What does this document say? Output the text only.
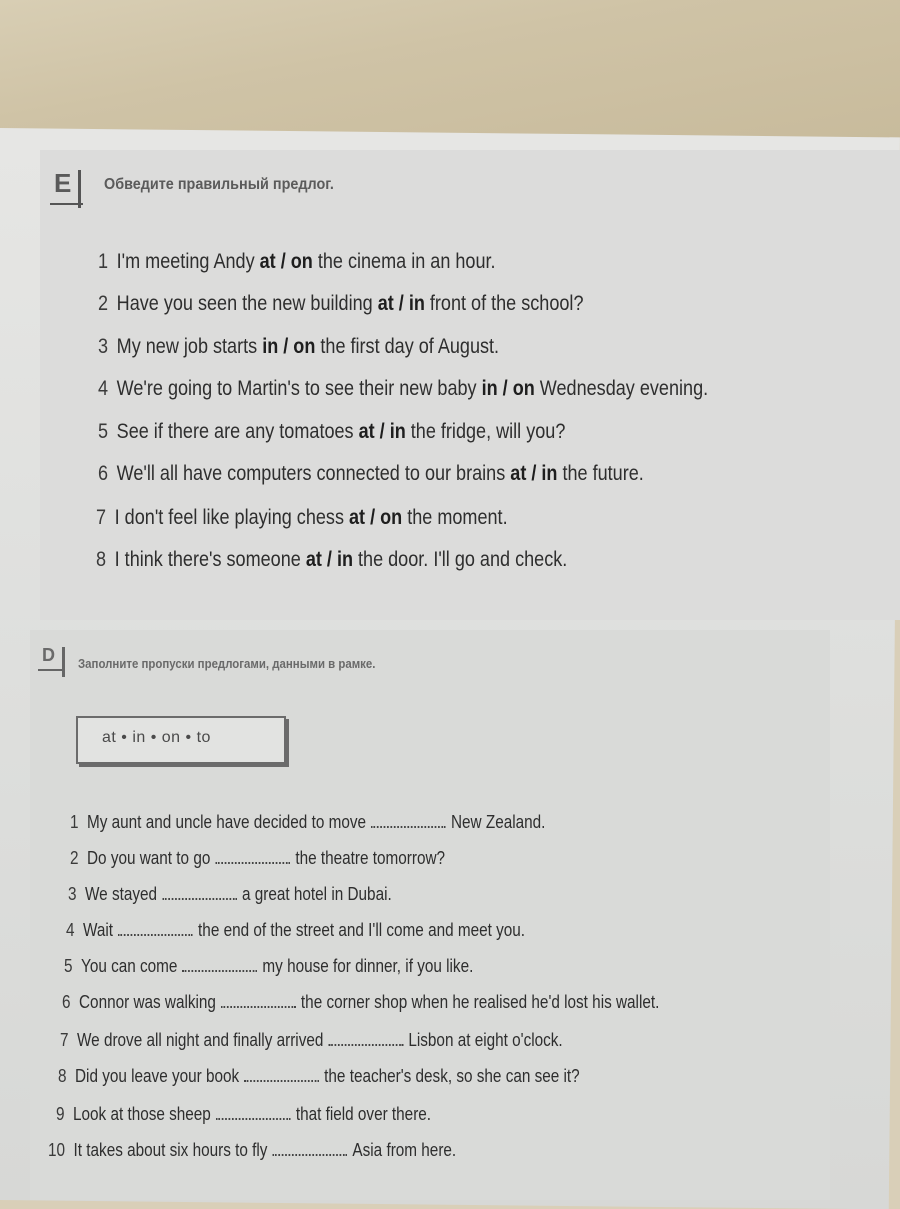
E	Обведите правильный предлог.
1 I'm meeting Andy at / on the cinema in an hour.
2 Have you seen the new building at / in front of the school?
3 My new job starts in / on the first day of August.
4 We're going to Martin's to see their new baby in / on Wednesday evening.
5 See if there are any tomatoes at / in the fridge, will you?
6 We'll all have computers connected to our brains at / in the future.
7 I don't feel like playing chess at / on the moment.
8 I think there's someone at / in the door. I'll go and check.
D	Заполните пропуски предлогами, данными в рамке.
at • in • on • to
1 My aunt and uncle have decided to move	New Zealand.
2 Do you want to go	the theatre tomorrow?
3 We stayed	a great hotel in Dubai.
4 Wait	the end of the street and I'll come and meet you.
5 You can come	my house for dinner, if you like.
6 Connor was walking	the corner shop when he realised he'd lost his wallet.
7 We drove all night and finally arrived	Lisbon at eight o'clock.
8 Did you leave your book	the teacher's desk, so she can see it?
9 Look at those sheep	that field over there.
10 It takes about six hours to fly	Asia from here.
